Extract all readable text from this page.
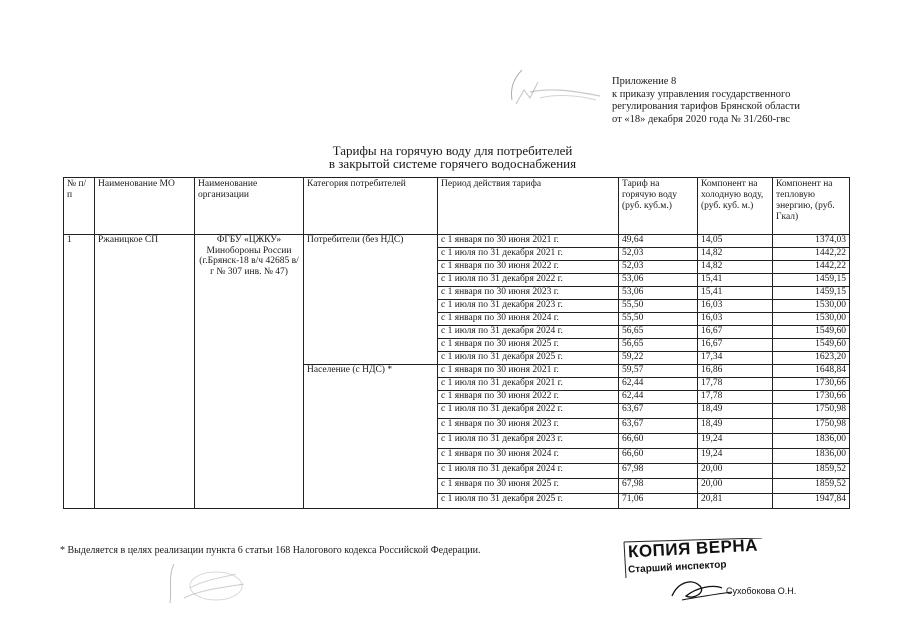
Приложение 8
к приказу управления государственного
регулирования тарифов Брянской области
от «18» декабря 2020 года № 31/260-гвс
Тарифы на горячую воду для потребителей
в закрытой системе горячего водоснабжения
№ п/п	Наименование МО	Наименование организации	Категория потребителей	Период действия тарифа	Тариф на горячую воду (руб. куб.м.)	Компонент на холодную воду, (руб. куб. м.)	Компонент на тепловую энергию, (руб. Гкал)
1	Ржаницкое СП	ФГБУ «ЦЖКУ» Минобороны России (г.Брянск-18 в/ч 42685 в/г № 307 инв. № 47)	Потребители (без НДС)	с 1 января по 30 июня 2021 г.	49,64	14,05	1374,03
				с 1 июля по 31 декабря 2021 г.	52,03	14,82	1442,22
				с 1 января по 30 июня 2022 г.	52,03	14,82	1442,22
				с 1 июля по 31 декабря 2022 г.	53,06	15,41	1459,15
				с 1 января по 30 июня 2023 г.	53,06	15,41	1459,15
				с 1 июля по 31 декабря 2023 г.	55,50	16,03	1530,00
				с 1 января по 30 июня 2024 г.	55,50	16,03	1530,00
				с 1 июля по 31 декабря 2024 г.	56,65	16,67	1549,60
				с 1 января по 30 июня 2025 г.	56,65	16,67	1549,60
				с 1 июля по 31 декабря 2025 г.	59,22	17,34	1623,20
			Население (с НДС) *	с 1 января по 30 июня 2021 г.	59,57	16,86	1648,84
				с 1 июля по 31 декабря 2021 г.	62,44	17,78	1730,66
				с 1 января по 30 июня 2022 г.	62,44	17,78	1730,66
				с 1 июля по 31 декабря 2022 г.	63,67	18,49	1750,98
				с 1 января по 30 июня 2023 г.	63,67	18,49	1750,98
				с 1 июля по 31 декабря 2023 г.	66,60	19,24	1836,00
				с 1 января по 30 июня 2024 г.	66,60	19,24	1836,00
				с 1 июля по 31 декабря 2024 г.	67,98	20,00	1859,52
				с 1 января по 30 июня 2025 г.	67,98	20,00	1859,52
				с 1 июля по 31 декабря 2025 г.	71,06	20,81	1947,84
* Выделяется в целях реализации пункта 6 статьи 168 Налогового кодекса Российской Федерации.	КОПИЯ ВЕРНА
Старший инспектор
Сухобокова О.Н.
